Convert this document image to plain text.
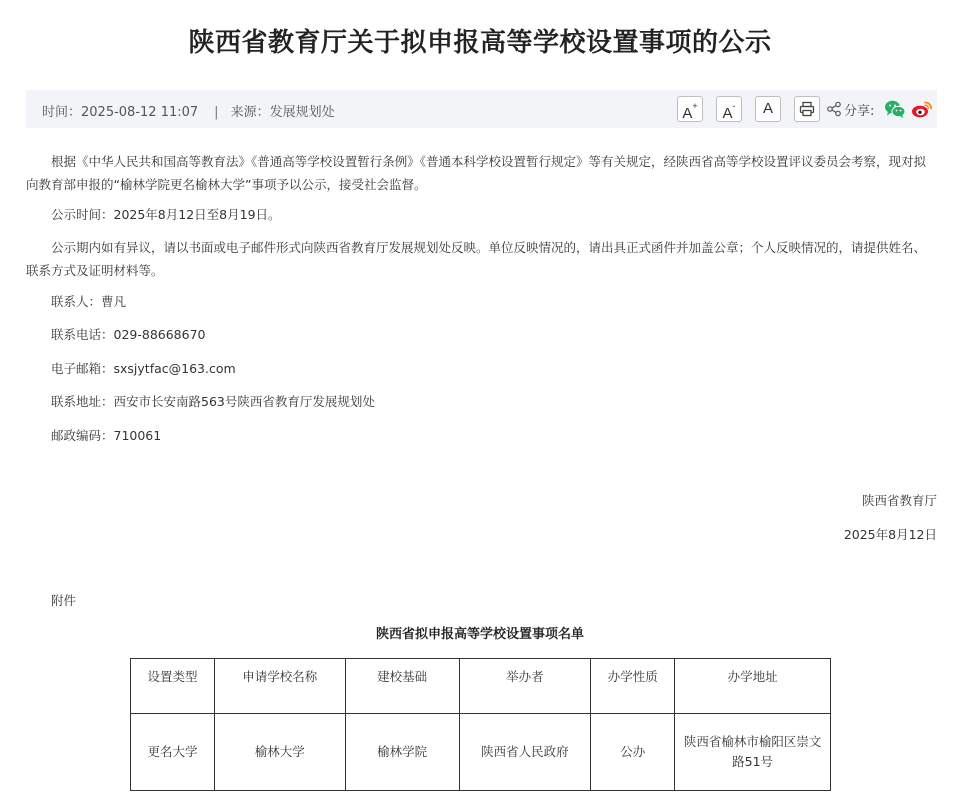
陕西省教育厅关于拟申报高等学校设置事项的公示
时间：2025-08-12 11:07 | 来源：发展规划处	A+	A-	A	分享:
根据《中华人民共和国高等教育法》《普通高等学校设置暂行条例》《普通本科学校设置暂行规定》等有关规定，经陕西省高等学校设置评议委员会考察，现对拟向教育部申报的“榆林学院更名榆林大学”事项予以公示，接受社会监督。
公示时间：2025年8月12日至8月19日。
公示期内如有异议，请以书面或电子邮件形式向陕西省教育厅发展规划处反映。单位反映情况的，请出具正式函件并加盖公章；个人反映情况的，请提供姓名、联系方式及证明材料等。
联系人：曹凡
联系电话：029-88668670
电子邮箱：sxsjytfac@163.com
联系地址：西安市长安南路563号陕西省教育厅发展规划处
邮政编码：710061
陕西省教育厅
2025年8月12日
附件
陕西省拟申报高等学校设置事项名单
设置类型	申请学校名称	建校基础	举办者	办学性质	办学地址
更名大学	榆林大学	榆林学院	陕西省人民政府	公办	陕西省榆林市榆阳区崇文路51号
